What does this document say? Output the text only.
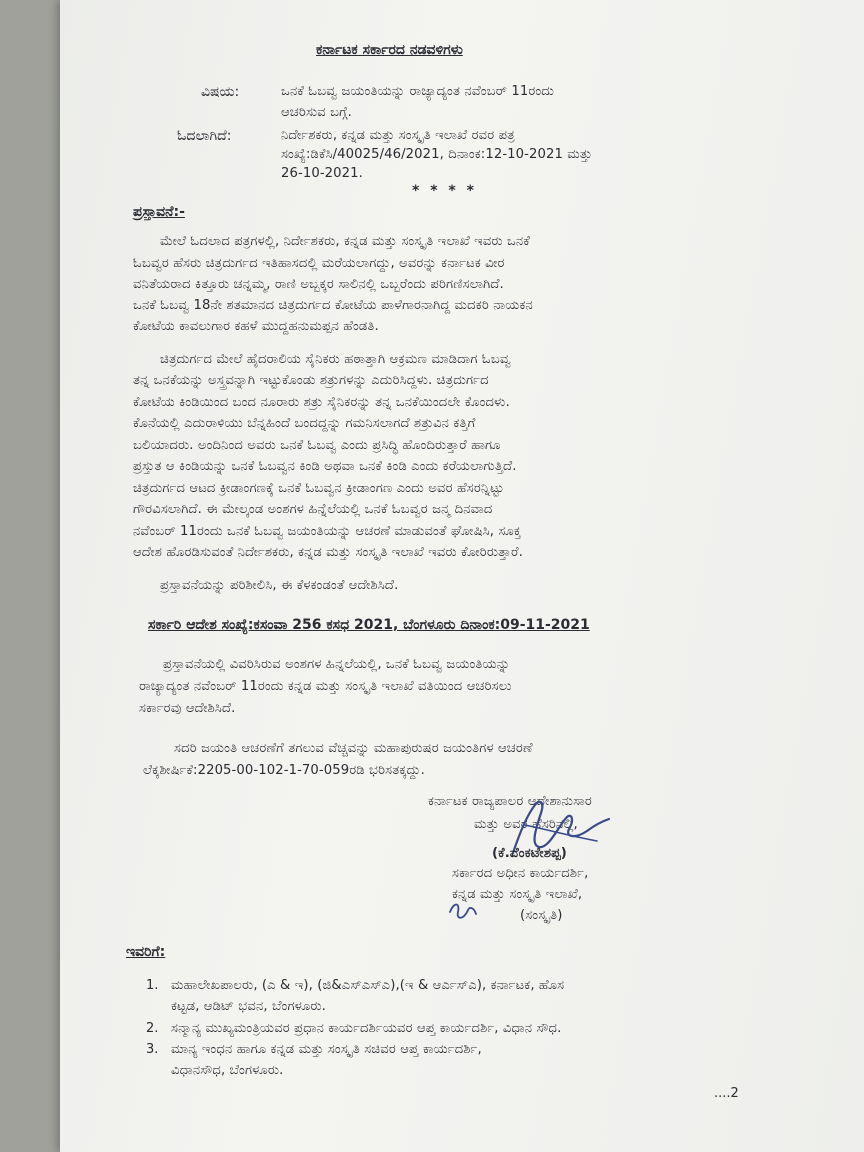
ಕರ್ನಾಟಕ ಸರ್ಕಾರದ ನಡವಳಿಗಳು
ವಿಷಯ:	ಒನಕೆ ಓಬವ್ವ ಜಯಂತಿಯನ್ನು ರಾಜ್ಯಾದ್ಯಂತ ನವೆಂಬರ್ 11ರಂದು
ಆಚರಿಸುವ ಬಗ್ಗೆ.
ಓದಲಾಗಿದೆ:	ನಿರ್ದೇಶಕರು, ಕನ್ನಡ ಮತ್ತು ಸಂಸ್ಕೃತಿ ಇಲಾಖೆ ರವರ ಪತ್ರ
ಸಂಖ್ಯೆ:ಡಿಕೆಸಿ/40025/46/2021, ದಿನಾಂಕ:12-10-2021 ಮತ್ತು
26-10-2021.
* * * *
ಪ್ರಸ್ತಾವನೆ:-
ಮೇಲೆ ಓದಲಾದ ಪತ್ರಗಳಲ್ಲಿ, ನಿರ್ದೇಶಕರು, ಕನ್ನಡ ಮತ್ತು ಸಂಸ್ಕೃತಿ ಇಲಾಖೆ ಇವರು ಒನಕೆ
ಓಬವ್ವರ ಹೆಸರು ಚಿತ್ರದುರ್ಗದ ಇತಿಹಾಸದಲ್ಲಿ ಮರೆಯಲಾಗದ್ದು, ಅವರನ್ನು ಕರ್ನಾಟಕ ವೀರ
ವನಿತೆಯರಾದ ಕಿತ್ತೂರು ಚನ್ನಮ್ಮ, ರಾಣಿ ಅಬ್ಬಕ್ಕರ ಸಾಲಿನಲ್ಲಿ ಒಬ್ಬರೆಂದು ಪರಿಗಣಿಸಲಾಗಿದೆ.
ಒನಕೆ ಓಬವ್ವ 18ನೇ ಶತಮಾನದ ಚಿತ್ರದುರ್ಗದ ಕೋಟೆಯ ಪಾಳೆಗಾರನಾಗಿದ್ದ ಮದಕರಿ ನಾಯಕನ
ಕೋಟೆಯ ಕಾವಲುಗಾರ ಕಹಳೆ ಮುದ್ದಹನುಮಪ್ಪನ ಹೆಂಡತಿ.
ಚಿತ್ರದುರ್ಗದ ಮೇಲೆ ಹೈದರಾಲಿಯ ಸೈನಿಕರು ಹಠಾತ್ತಾಗಿ ಆಕ್ರಮಣ ಮಾಡಿದಾಗ ಓಬವ್ವ
ತನ್ನ ಒನಕೆಯನ್ನು ಅಸ್ತ್ರವನ್ನಾಗಿ ಇಟ್ಟುಕೊಂಡು ಶತ್ರುಗಳನ್ನು ಎದುರಿಸಿದ್ದಳು. ಚಿತ್ರದುರ್ಗದ
ಕೋಟೆಯ ಕಿಂಡಿಯಿಂದ ಬಂದ ನೂರಾರು ಶತ್ರು ಸೈನಿಕರನ್ನು ತನ್ನ ಒನಕೆಯಿಂದಲೇ ಕೊಂದಳು.
ಕೊನೆಯಲ್ಲಿ ಎದುರಾಳಿಯು ಬೆನ್ನಹಿಂದೆ ಬಂದದ್ದನ್ನು ಗಮನಿಸಲಾಗದೆ ಶತ್ರುವಿನ ಕತ್ತಿಗೆ
ಬಲಿಯಾದರು. ಅಂದಿನಿಂದ ಅವರು ಒನಕೆ ಓಬವ್ವ ಎಂದು ಪ್ರಸಿದ್ಧಿ ಹೊಂದಿರುತ್ತಾರೆ ಹಾಗೂ
ಪ್ರಸ್ತುತ ಆ ಕಿಂಡಿಯನ್ನು ಒನಕೆ ಓಬವ್ವನ ಕಿಂಡಿ ಅಥವಾ ಒನಕೆ ಕಿಂಡಿ ಎಂದು ಕರೆಯಲಾಗುತ್ತಿದೆ.
ಚಿತ್ರದುರ್ಗದ ಆಟದ ಕ್ರೀಡಾಂಗಣಕ್ಕೆ ಒನಕೆ ಓಬವ್ವನ ಕ್ರೀಡಾಂಗಣ ಎಂದು ಅವರ ಹೆಸರನ್ನಿಟ್ಟು
ಗೌರವಿಸಲಾಗಿದೆ. ಈ ಮೇಲ್ಕಂಡ ಅಂಶಗಳ ಹಿನ್ನೆಲೆಯಲ್ಲಿ ಒನಕೆ ಓಬವ್ವರ ಜನ್ಮ ದಿನವಾದ
ನವೆಂಬರ್ 11ರಂದು ಒನಕೆ ಓಬವ್ವ ಜಯಂತಿಯನ್ನು ಆಚರಣೆ ಮಾಡುವಂತೆ ಘೋಷಿಸಿ, ಸೂಕ್ತ
ಆದೇಶ ಹೊರಡಿಸುವಂತೆ ನಿರ್ದೇಶಕರು, ಕನ್ನಡ ಮತ್ತು ಸಂಸ್ಕೃತಿ ಇಲಾಖೆ ಇವರು ಕೋರಿರುತ್ತಾರೆ.
ಪ್ರಸ್ತಾವನೆಯನ್ನು ಪರಿಶೀಲಿಸಿ, ಈ ಕೆಳಕಂಡಂತೆ ಆದೇಶಿಸಿದೆ.
ಸರ್ಕಾರಿ ಆದೇಶ ಸಂಖ್ಯೆ:ಕಸಂವಾ 256 ಕಸಧ 2021, ಬೆಂಗಳೂರು ದಿನಾಂಕ:09-11-2021
ಪ್ರಸ್ತಾವನೆಯಲ್ಲಿ ವಿವರಿಸಿರುವ ಅಂಶಗಳ ಹಿನ್ನಲೆಯಲ್ಲಿ, ಒನಕೆ ಓಬವ್ವ ಜಯಂತಿಯನ್ನು
ರಾಜ್ಯಾದ್ಯಂತ ನವೆಂಬರ್ 11ರಂದು ಕನ್ನಡ ಮತ್ತು ಸಂಸ್ಕೃತಿ ಇಲಾಖೆ ವತಿಯಿಂದ ಆಚರಿಸಲು
ಸರ್ಕಾರವು ಆದೇಶಿಸಿದೆ.
ಸದರಿ ಜಯಂತಿ ಆಚರಣೆಗೆ ತಗಲುವ ವೆಚ್ಚವನ್ನು ಮಹಾಪುರುಷರ ಜಯಂತಿಗಳ ಆಚರಣೆ
ಲೆಕ್ಕಶೀರ್ಷಿಕೆ:2205-00-102-1-70-059ರಡಿ ಭರಿಸತಕ್ಕದ್ದು.
ಕರ್ನಾಟಕ ರಾಜ್ಯಪಾಲರ ಆದೇಶಾನುಸಾರ
ಮತ್ತು ಅವರ ಹೆಸರಿನಲ್ಲಿ,
(ಕೆ.ವೆಂಕಟೇಶಪ್ಪ)
ಸರ್ಕಾರದ ಅಧೀನ ಕಾರ್ಯದರ್ಶಿ,
ಕನ್ನಡ ಮತ್ತು ಸಂಸ್ಕೃತಿ ಇಲಾಖೆ,
(ಸಂಸ್ಕೃತಿ)
ಇವರಿಗೆ:
1. ಮಹಾಲೇಖಪಾಲರು, (ಎ & ಇ), (ಜಿ&ಎಸ್ಎಸ್ಎ),(ಇ & ಆರ್ಎಸ್ಎ), ಕರ್ನಾಟಕ, ಹೊಸ
ಕಟ್ಟಡ, ಆಡಿಟ್ ಭವನ, ಬೆಂಗಳೂರು.
2. ಸನ್ಮಾನ್ಯ ಮುಖ್ಯಮಂತ್ರಿಯವರ ಪ್ರಧಾನ ಕಾರ್ಯದರ್ಶಿಯವರ ಆಪ್ತ ಕಾರ್ಯದರ್ಶಿ, ವಿಧಾನ ಸೌಧ.
3. ಮಾನ್ಯ ಇಂಧನ ಹಾಗೂ ಕನ್ನಡ ಮತ್ತು ಸಂಸ್ಕೃತಿ ಸಚಿವರ ಆಪ್ತ ಕಾರ್ಯದರ್ಶಿ,
ವಿಧಾನಸೌಧ, ಬೆಂಗಳೂರು.
....2
